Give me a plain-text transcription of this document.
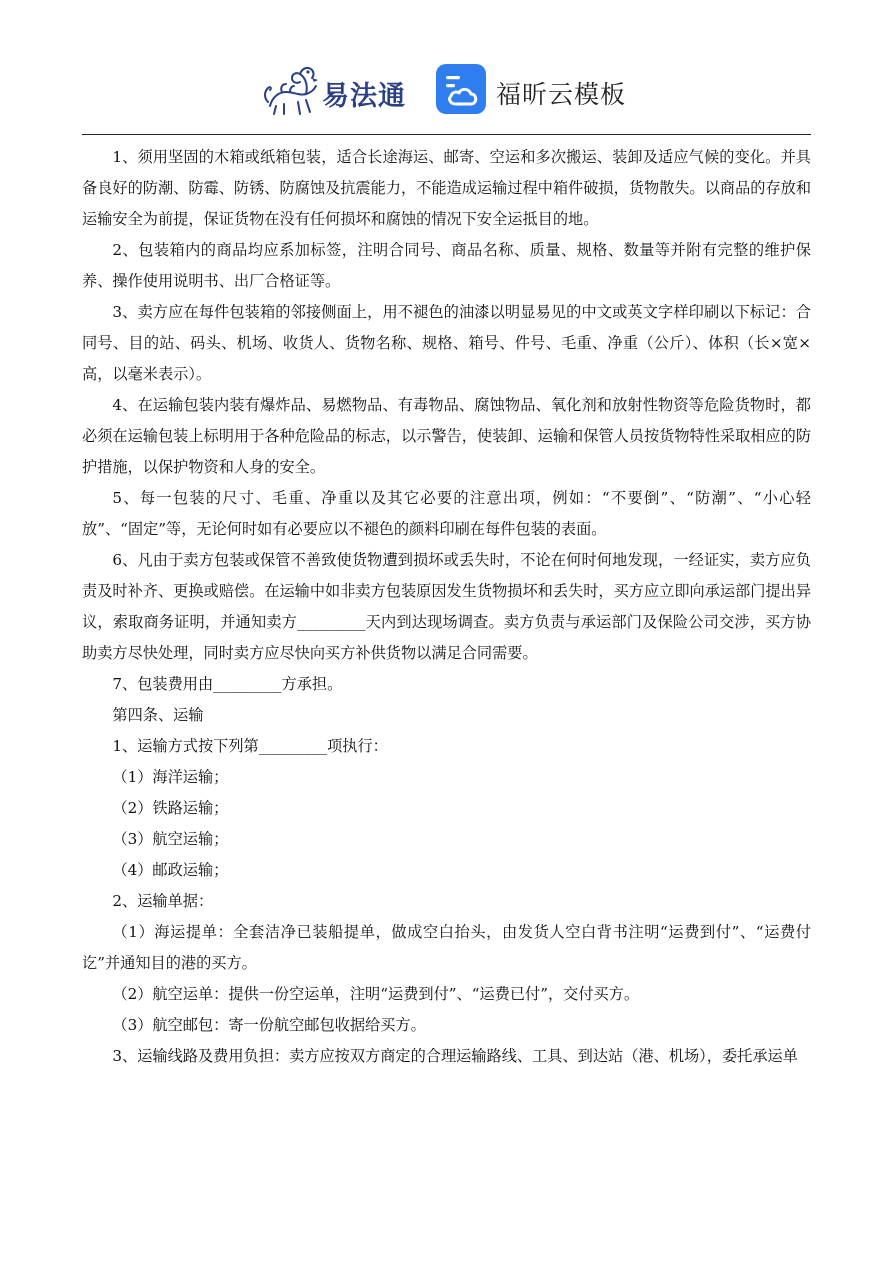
易法通	福昕云模板

1、须用坚固的木箱或纸箱包装，适合长途海运、邮寄、空运和多次搬运、装卸及适应气候的变化。并具备良好的防潮、防霉、防锈、防腐蚀及抗震能力，不能造成运输过程中箱件破损，货物散失。以商品的存放和运输安全为前提，保证货物在没有任何损坏和腐蚀的情况下安全运抵目的地。

2、包装箱内的商品均应系加标签，注明合同号、商品名称、质量、规格、数量等并附有完整的维护保养、操作使用说明书、出厂合格证等。

3、卖方应在每件包装箱的邻接侧面上，用不褪色的油漆以明显易见的中文或英文字样印刷以下标记：合同号、目的站、码头、机场、收货人、货物名称、规格、箱号、件号、毛重、净重（公斤）、体积（长×宽×高，以毫米表示）。

4、在运输包装内装有爆炸品、易燃物品、有毒物品、腐蚀物品、氧化剂和放射性物资等危险货物时，都必须在运输包装上标明用于各种危险品的标志，以示警告，使装卸、运输和保管人员按货物特性采取相应的防护措施，以保护物资和人身的安全。

5、每一包装的尺寸、毛重、净重以及其它必要的注意出项，例如：“不要倒”、“防潮”、“小心轻放”、“固定”等，无论何时如有必要应以不褪色的颜料印刷在每件包装的表面。

6、凡由于卖方包装或保管不善致使货物遭到损坏或丢失时，不论在何时何地发现，一经证实，卖方应负责及时补齐、更换或赔偿。在运输中如非卖方包装原因发生货物损坏和丢失时，买方应立即向承运部门提出异议，索取商务证明，并通知卖方_________天内到达现场调查。卖方负责与承运部门及保险公司交涉，买方协助卖方尽快处理，同时卖方应尽快向买方补供货物以满足合同需要。

7、包装费用由_________方承担。

第四条、运输

1、运输方式按下列第_________项执行：

（1）海洋运输；

（2）铁路运输；

（3）航空运输；

（4）邮政运输；

2、运输单据：

（1）海运提单：全套洁净已装船提单，做成空白抬头，由发货人空白背书注明“运费到付”、“运费付讫”并通知目的港的买方。

（2）航空运单：提供一份空运单，注明“运费到付”、“运费已付”，交付买方。

（3）航空邮包：寄一份航空邮包收据给买方。

3、运输线路及费用负担：卖方应按双方商定的合理运输路线、工具、到达站（港、机场），委托承运单
